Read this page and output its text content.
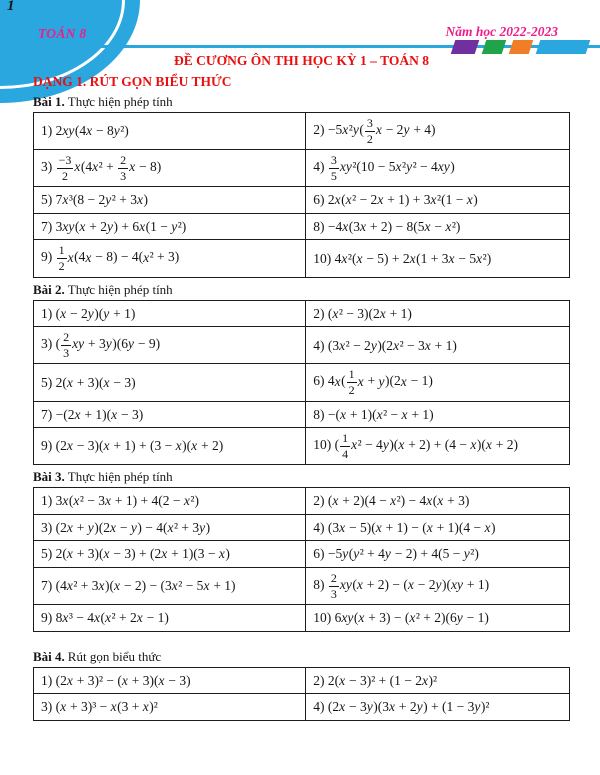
1
TOÁN 8	Năm học 2022-2023
ĐỀ CƯƠNG ÔN THI HỌC KỲ 1 – TOÁN 8
DẠNG 1. RÚT GỌN BIỂU THỨC
Bài 1. Thực hiện phép tính
1) 2xy(4x − 8y²)	$2) -5x^2y( \frac{3}{2}$ x − 2y + 4)
$3) \frac{-3}{2} x(4x^2 + \frac{2}{3}$ x − 8)	$4) \frac{3}{5} xy^2(10 - 5x^2y^2 - 4xy)$
5) 7x³(8 − 2y² + 3x)	6) 2x(x² − 2x + 1) + 3x²(1 − x)
7) 3xy(x + 2y) + 6x(1 − y²)	8) −4x(3x + 2) − 8(5x − x²)
$9) \frac{1}{2} x(4x - 8) - 4(x^2 + 3)$	10) 4x²(x − 5) + 2x(1 + 3x − 5x²)
Bài 2. Thực hiện phép tính
1) (x − 2y)(y + 1)	2) (x² − 3)(2x + 1)
3) ( $\frac{2}{3}$ xy + 3y)(6y − 9)	4) (3x² − 2y)(2x² − 3x + 1)
5) 2(x + 3)(x − 3)	6) $4x( \frac{1}{2}$ x + y)(2x − 1)
7) −(2x + 1)(x − 3)	8) −(x + 1)(x² − x + 1)
9) (2x − 3)(x + 1) + (3 − x)(x + 2)	10) ( $\frac{1}{4} x^2 - 4y)(x + 2) + (4 - x)(x + 2)$
Bài 3. Thực hiện phép tính
1) 3x(x² − 3x + 1) + 4(2 − x²)	2) (x + 2)(4 − x²) − 4x(x + 3)
3) (2x + y)(2x − y) − 4(x² + 3y)	4) (3x − 5)(x + 1) − (x + 1)(4 − x)
5) 2(x + 3)(x − 3) + (2x + 1)(3 − x)	6) −5y(y² + 4y − 2) + 4(5 − y²)
7) (4x² + 3x)(x − 2) − (3x² − 5x + 1)	$8) \frac{2}{3} xy(x + 2) - (x - 2y)(xy + 1)$
9) 8x³ − 4x(x² + 2x − 1)	10) 6xy(x + 3) − (x² + 2)(6y − 1)
Bài 4. Rút gọn biểu thức
1) (2x + 3)² − (x + 3)(x − 3)	2) 2(x − 3)² + (1 − 2x)²
3) (x + 3)³ − x(3 + x)²	4) (2x − 3y)(3x + 2y) + (1 − 3y)²
